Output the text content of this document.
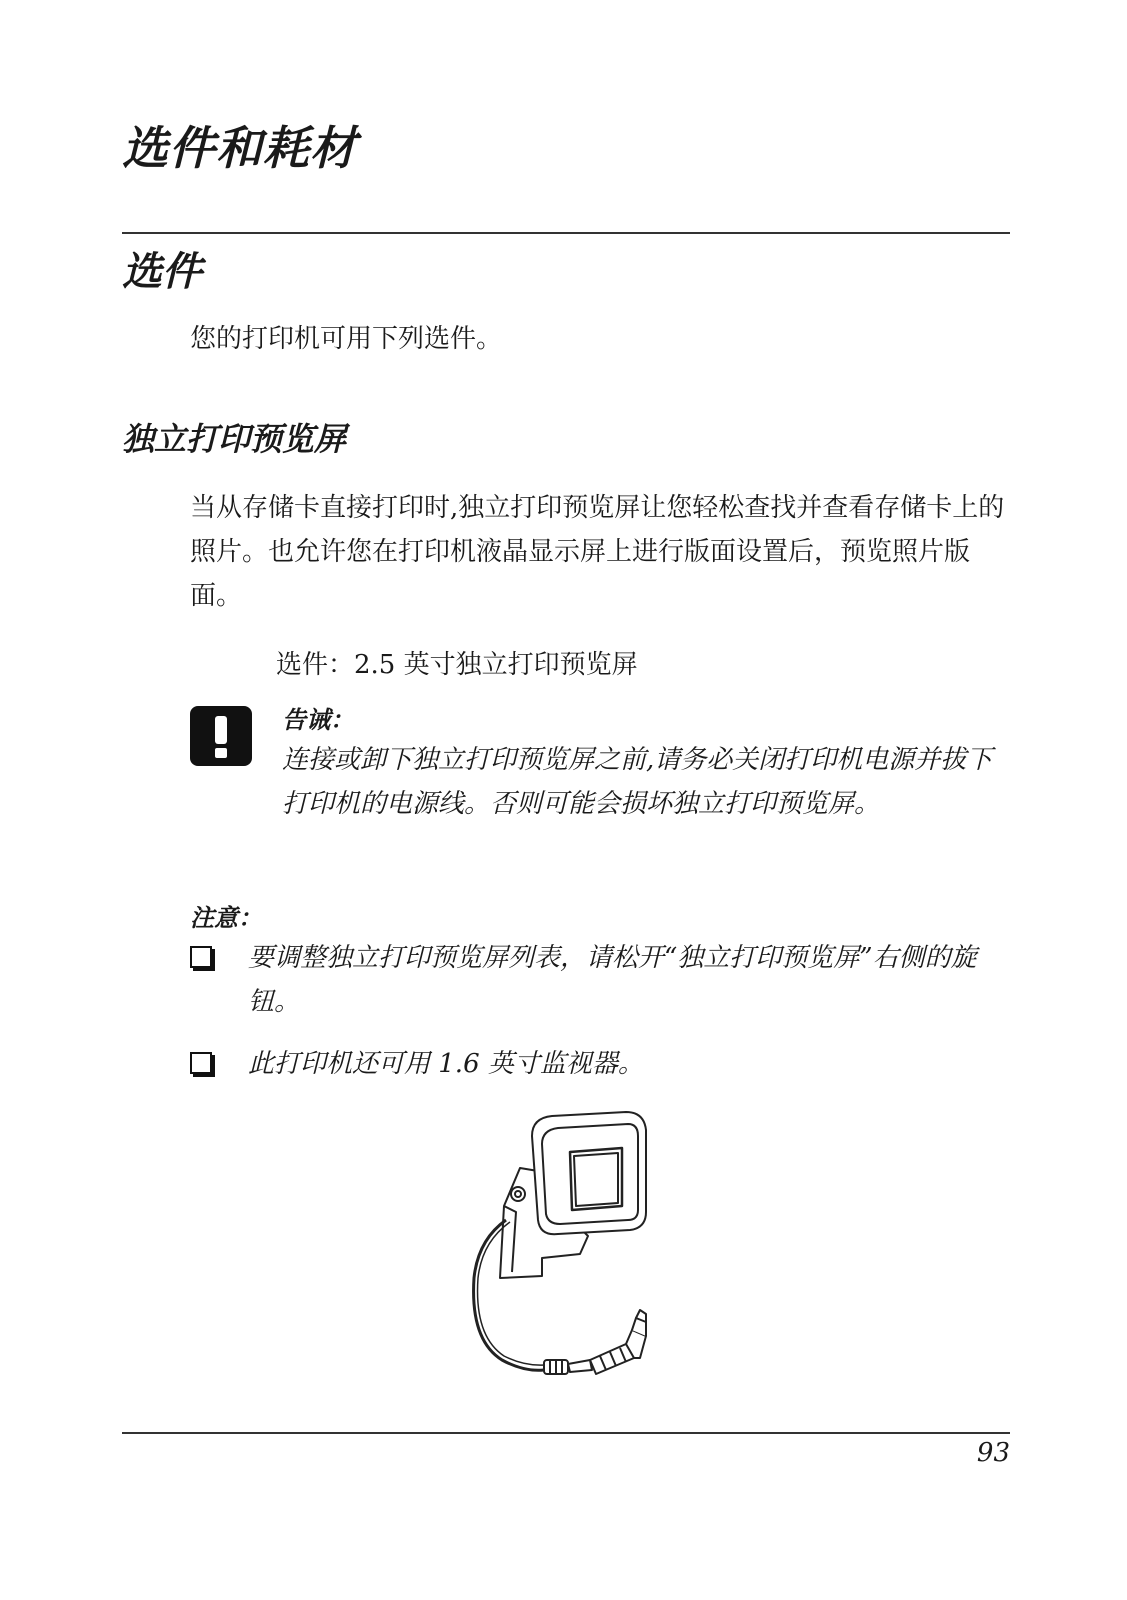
选件和耗材
选件
您的打印机可用下列选件。
独立打印预览屏
当从存储卡直接打印时,独立打印预览屏让您轻松查找并查看存储卡上的照片。也允许您在打印机液晶显示屏上进行版面设置后，预览照片版面。
选件：2.5 英寸独立打印预览屏
告诫：
连接或卸下独立打印预览屏之前,请务必关闭打印机电源并拔下打印机的电源线。否则可能会损坏独立打印预览屏。
注意：
要调整独立打印预览屏列表，请松开“独立打印预览屏”右侧的旋钮。
此打印机还可用 1.6 英寸监视器。
93
